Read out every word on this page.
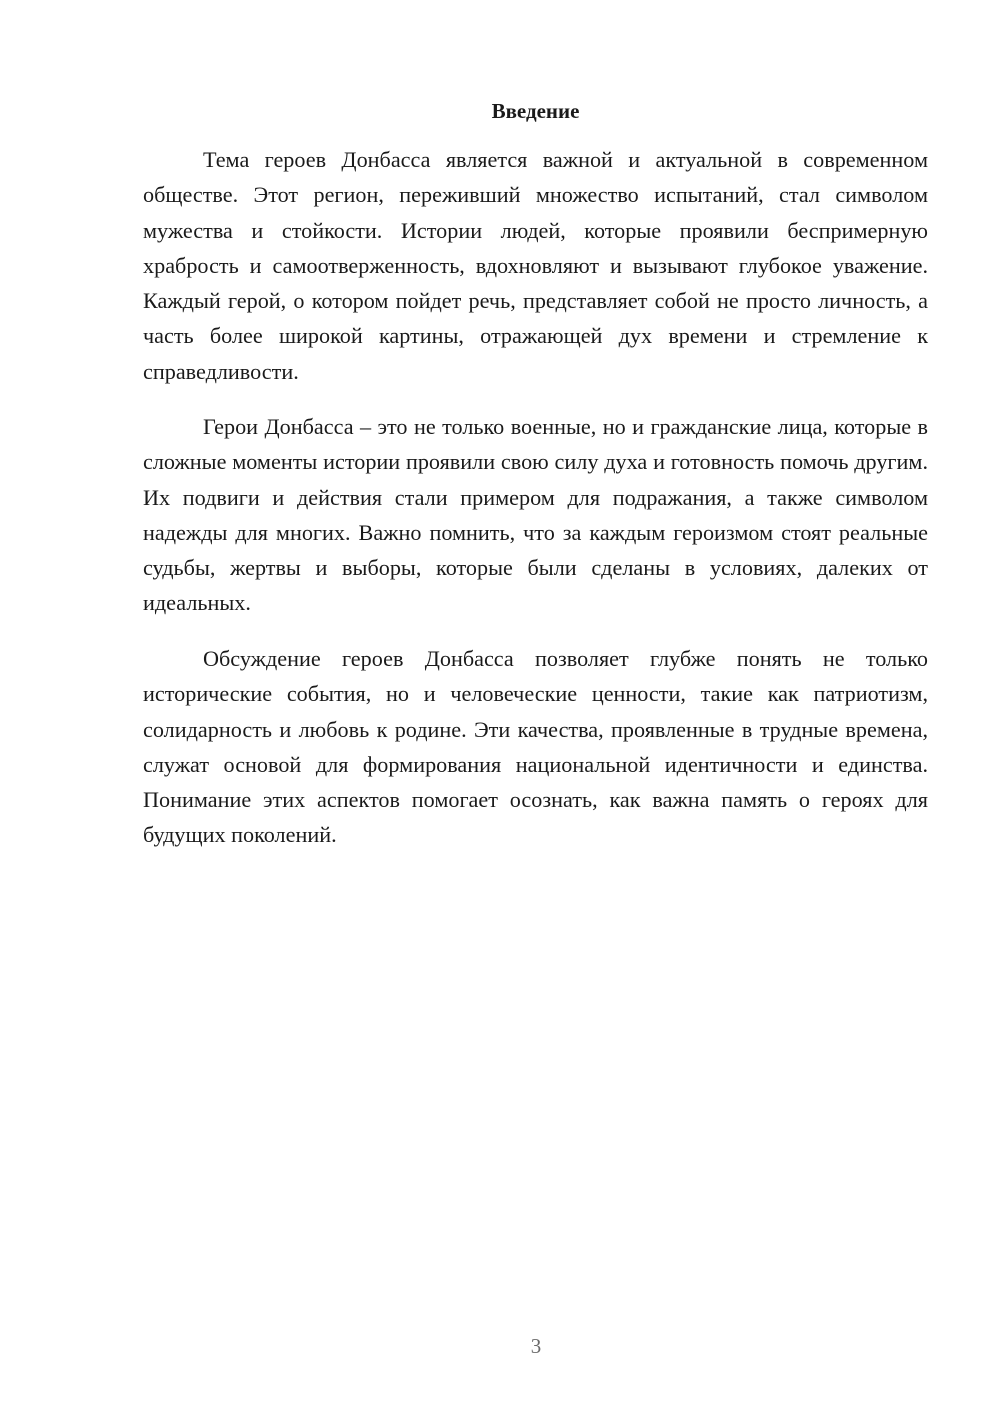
Введение

Тема героев Донбасса является важной и актуальной в современном обществе. Этот регион, переживший множество испытаний, стал символом мужества и стойкости. Истории людей, которые проявили беспримерную храбрость и самоотверженность, вдохновляют и вызывают глубокое уважение. Каждый герой, о котором пойдет речь, представляет собой не просто личность, а часть более широкой картины, отражающей дух времени и стремление к справедливости.

Герои Донбасса – это не только военные, но и гражданские лица, которые в сложные моменты истории проявили свою силу духа и готовность помочь другим. Их подвиги и действия стали примером для подражания, а также символом надежды для многих. Важно помнить, что за каждым героизмом стоят реальные судьбы, жертвы и выборы, которые были сделаны в условиях, далеких от идеальных.

Обсуждение героев Донбасса позволяет глубже понять не только исторические события, но и человеческие ценности, такие как патриотизм, солидарность и любовь к родине. Эти качества, проявленные в трудные времена, служат основой для формирования национальной идентичности и единства. Понимание этих аспектов помогает осознать, как важна память о героях для будущих поколений.

3
